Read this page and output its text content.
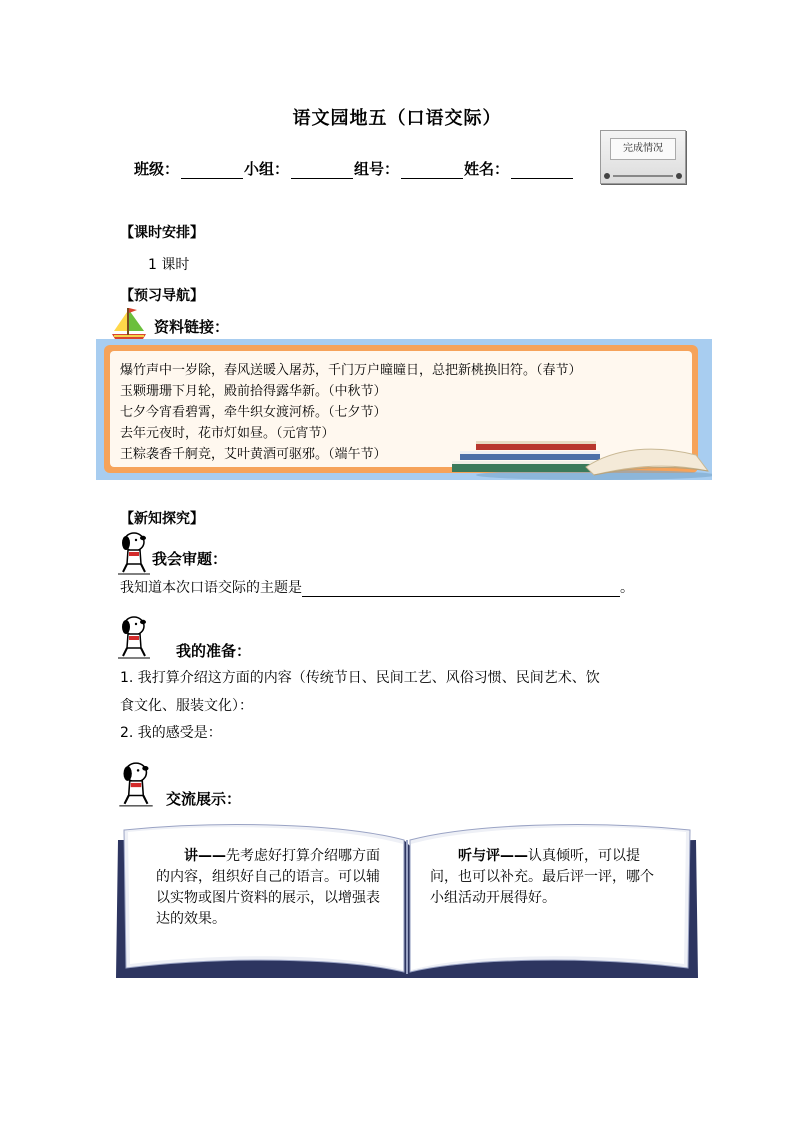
语文园地五（口语交际）
班级：	小组：	组号：	姓名：
完成情况
【课时安排】
1 课时
【预习导航】
资料链接：
爆竹声中一岁除，春风送暖入屠苏，千门万户曈曈日，总把新桃换旧符。（春节）
玉颗珊珊下月轮，殿前拾得露华新。（中秋节）
七夕今宵看碧霄，牵牛织女渡河桥。（七夕节）
去年元夜时，花市灯如昼。（元宵节）
王粽袭香千舸竞，艾叶黄酒可驱邪。（端午节）
【新知探究】
我会审题：
我知道本次口语交际的主题是	。
我的准备：
1. 我打算介绍这方面的内容（传统节日、民间工艺、风俗习惯、民间艺术、饮
食文化、服装文化）：
2. 我的感受是：
交流展示：
讲——先考虑好打算介绍哪方面的内容，组织好自己的语言。可以辅以实物或图片资料的展示，以增强表达的效果。
听与评——认真倾听，可以提问，也可以补充。最后评一评，哪个小组活动开展得好。
